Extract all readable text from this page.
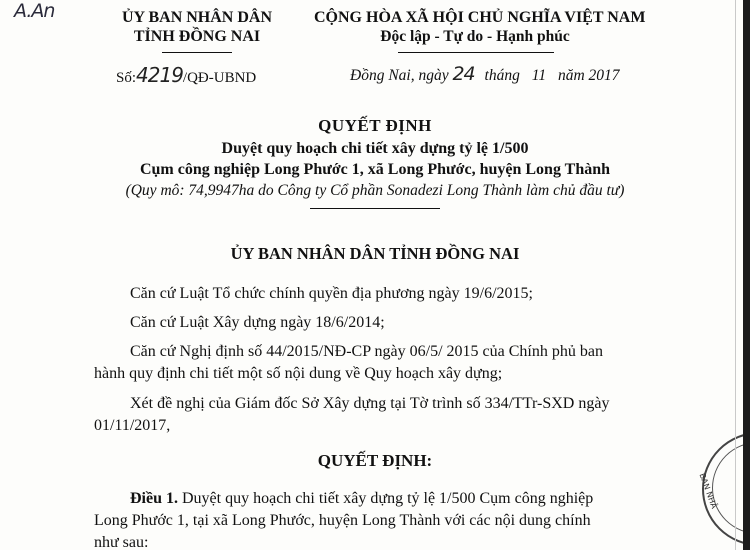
A.An	ỦY BAN NHÂN DÂN
TỈNH ĐỒNG NAI
Số:4219/QĐ-UBND
CỘNG HÒA XÃ HỘI CHỦ NGHĨA VIỆT NAM
Độc lập - Tự do - Hạnh phúc
Đồng Nai, ngày 24 tháng 11 năm 2017
QUYẾT ĐỊNH
Duyệt quy hoạch chi tiết xây dựng tỷ lệ 1/500
Cụm công nghiệp Long Phước 1, xã Long Phước, huyện Long Thành
(Quy mô: 74,9947ha do Công ty Cổ phần Sonadezi Long Thành làm chủ đầu tư)
ỦY BAN NHÂN DÂN TỈNH ĐỒNG NAI
Căn cứ Luật Tổ chức chính quyền địa phương ngày 19/6/2015;
Căn cứ Luật Xây dựng ngày 18/6/2014;
Căn cứ Nghị định số 44/2015/NĐ-CP ngày 06/5/ 2015 của Chính phủ ban
hành quy định chi tiết một số nội dung về Quy hoạch xây dựng;
Xét đề nghị của Giám đốc Sở Xây dựng tại Tờ trình số 334/TTr-SXD ngày
01/11/2017,
QUYẾT ĐỊNH:
Điều 1. Duyệt quy hoạch chi tiết xây dựng tỷ lệ 1/500 Cụm công nghiệp
Long Phước 1, tại xã Long Phước, huyện Long Thành với các nội dung chính
như sau:
BAN NHÂ
